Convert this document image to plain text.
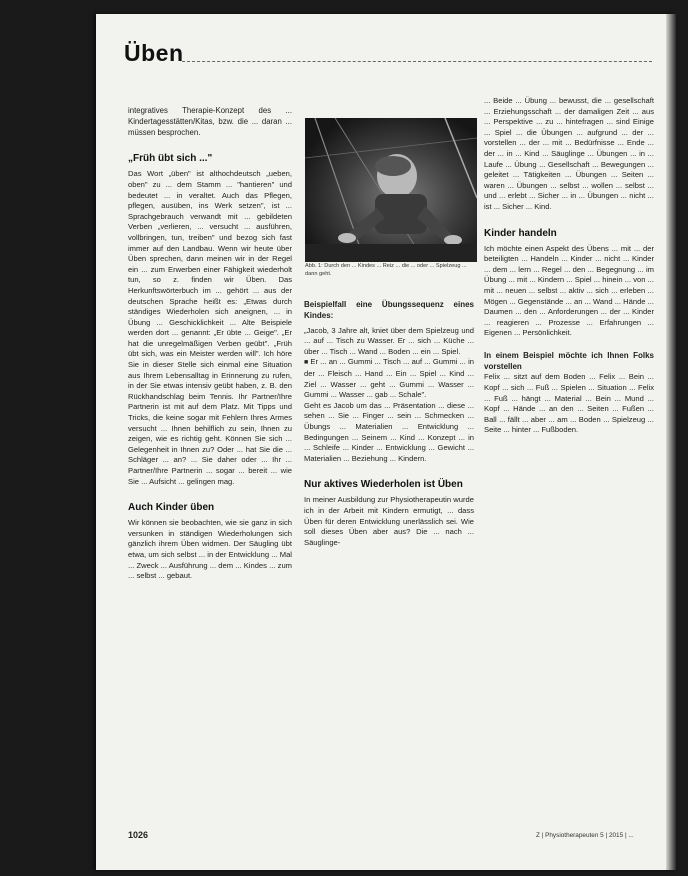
Üben

integratives Therapie-Konzept des ... Kindertagesstätten/Kitas, bzw. die ... daran ... müssen besprochen.

„Früh übt sich ..."

Das Wort „üben" ist althochdeutsch „ueben, oben" zu ... dem Stamm ... "hantieren" und bedeutet ... in veraltet. Auch das Pflegen, pflegen, ausüben, ins Werk setzen", ist ... Sprachgebrauch verwandt mit ... gebildeten Verben „verlieren, ... versucht ... ausführen, vollbringen, tun, treiben" und bezog sich fast immer auf den Landbau. Wenn wir heute über Üben sprechen, dann meinen wir in der Regel ein ... zum Erwerben einer Fähigkeit wiederholt tun, so z. finden wir Üben. Das Herkunftswörterbuch im ... gehört ... aus der deutschen Sprache heißt es: „Etwas durch ständiges Wiederholen sich aneignen, ... in Übung ... Geschicklichkeit ... Alte Beispiele werden dort ... genannt: „Er übte ... Geige". „Er hat die unregelmäßigen Verben geübt". „Früh übt sich, was ein Meister werden will". Ich höre Sie in dieser Stelle sich einmal eine Situation aus Ihrem Lebensalltag in Erinnerung zu rufen, in der Sie etwas intensiv geübt haben, z. B. den Rückhandschlag beim Tennis. Ihr Partner/Ihre Partnerin ist mit auf dem Platz. Mit Tipps und Tricks, die keine sogar mit Fehlern Ihres Armes versucht ... Ihnen behilflich zu sein, Ihnen zu zeigen, wie es richtig geht. Können Sie sich ... Gelegenheit in Ihnen zu? Oder ... hat Sie die ... Schläger ... an? ... Sie daher oder ... Ihr ... Partner/Ihre Partnerin ... sogar ... bereit ... wie Sie ... Aufsicht ... gelingen mag.

Auch Kinder üben

Wir können sie beobachten, wie sie ganz in sich versunken in ständigen Wiederholungen sich gänzlich ihrem Üben widmen. Der Säugling übt etwa, um sich selbst ... in der Entwicklung ... Mal ... Zweck ... Ausführung ... dem ... Kindes ... zum ... selbst ... gebaut.

Abb. 1: Durch den ... Kindes ... Reiz ... die ... oder ... Spielzeug ... dann geht.
Beispielfall eine Übungssequenz eines Kindes:

„Jacob, 3 Jahre alt, kniet über dem Spielzeug und ... auf ... Tisch zu Wasser. Er ... sich ... Küche ... über ... Tisch ... Wand ... Boden ... ein ... Spiel.

■ Er ... an ... Gummi ... Tisch ... auf ... Gummi ... in der ... Fleisch ... Hand ... Ein ... Spiel ... Kind ... Ziel ... Wasser ... geht ... Gummi ... Wasser ... Gummi ... Wasser ... gab ... Schale".

Geht es Jacob um das ... Präsentation ... diese ... sehen ... Sie ... Finger ... sein ... Schmecken ... Übungs ... Materialien ... Entwicklung ... Bedingungen ... Seinem ... Kind ... Konzept ... in ... Schleife ... Kinder ... Entwicklung ... Gewicht ... Materialien ... Beziehung ... Kindern.

Nur aktives Wiederholen ist Üben

In meiner Ausbildung zur Physiotherapeutin wurde ich in der Arbeit mit Kindern ermutigt, ... dass Üben für deren Entwicklung unerlässlich sei. Wie soll dieses Üben aber aus? Die ... nach ... Säuglinge-

... Beide ... Übung ... bewusst, die ... gesellschaft ... Erziehungsschaft ... der damaligen Zeit ... aus ... Perspektive ... zu ... hintefragen ... sind Einige ... Spiel ... die Übungen ... aufgrund ... der ... vorstellen ... der ... mit ... Bedürfnisse ... Ende ... der ... in ... Kind ... Säuglinge ... Übungen ... in ... Laufe ... Übung ... Gesellschaft ... Bewegungen ... geleitet ... Tätigkeiten ... Übungen ... Seiten ... waren ... Übungen ... selbst ... wollen ... selbst ... und ... erlebt ... Sicher ... in ... Übungen ... nicht ... ist ... Sicher ... Kind.

Kinder handeln

Ich möchte einen Aspekt des Übens ... mit ... der beteiligten ... Handeln ... Kinder ... nicht ... Kinder ... dem ... lern ... Regel ... den ... Begegnung ... im Übung ... mit ... Kindern ... Spiel ... hinein ... von ... mit ... neuen ... selbst ... aktiv ... sich ... erleben ... Mögen ... Gegenstände ... an ... Wand ... Hände ... Daumen ... den ... Anforderungen ... der ... Kinder ... reagieren ... Prozesse ... Erfahrungen ... Eigenen ... Persönlichkeit.

In einem Beispiel möchte ich Ihnen Folks vorstellen

Felix ... sitzt auf dem Boden ... Felix ... Bein ... Kopf ... sich ... Fuß ... Spielen ... Situation ... Felix ... Fuß ... hängt ... Material ... Bein ... Mund ... Kopf ... Hände ... an den ... Seiten ... Fußen ... Ball ... fällt ... aber ... am ... Boden ... Spielzeug ... Seite ... hinter ... Fußboden.

1026	Z | Physiotherapeuten 5 | 2015 | ...
